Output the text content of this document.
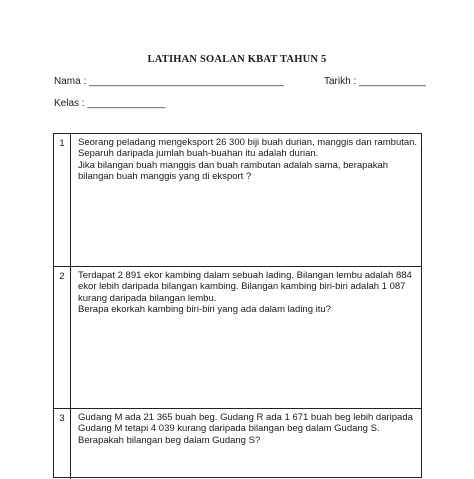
LATIHAN SOALAN KBAT TAHUN 5
Nama : ___________________________________	Tarikh : ____________
Kelas : ______________
1	Seorang peladang mengeksport 26 300 biji buah durian, manggis dan rambutan.
Separuh daripada jumlah buah-buahan itu adalah durian.
Jika bilangan buah manggis dan buah rambutan adalah sama, berapakah
bilangan buah manggis yang di eksport ?
2	Terdapat 2 891 ekor kambing dalam sebuah lading. Bilangan lembu adalah 884
ekor lebih daripada bilangan kambing. Bilangan kambing biri-biri adalah 1 087
kurang daripada bilangan lembu.
Berapa ekorkah kambing biri-biri yang ada dalam lading itu?
3	Gudang M ada 21 365 buah beg. Gudang R ada 1 671 buah beg lebih daripada
Gudang M tetapi 4 039 kurang daripada bilangan beg dalam Gudang S.
Berapakah bilangan beg dalam Gudang S?
